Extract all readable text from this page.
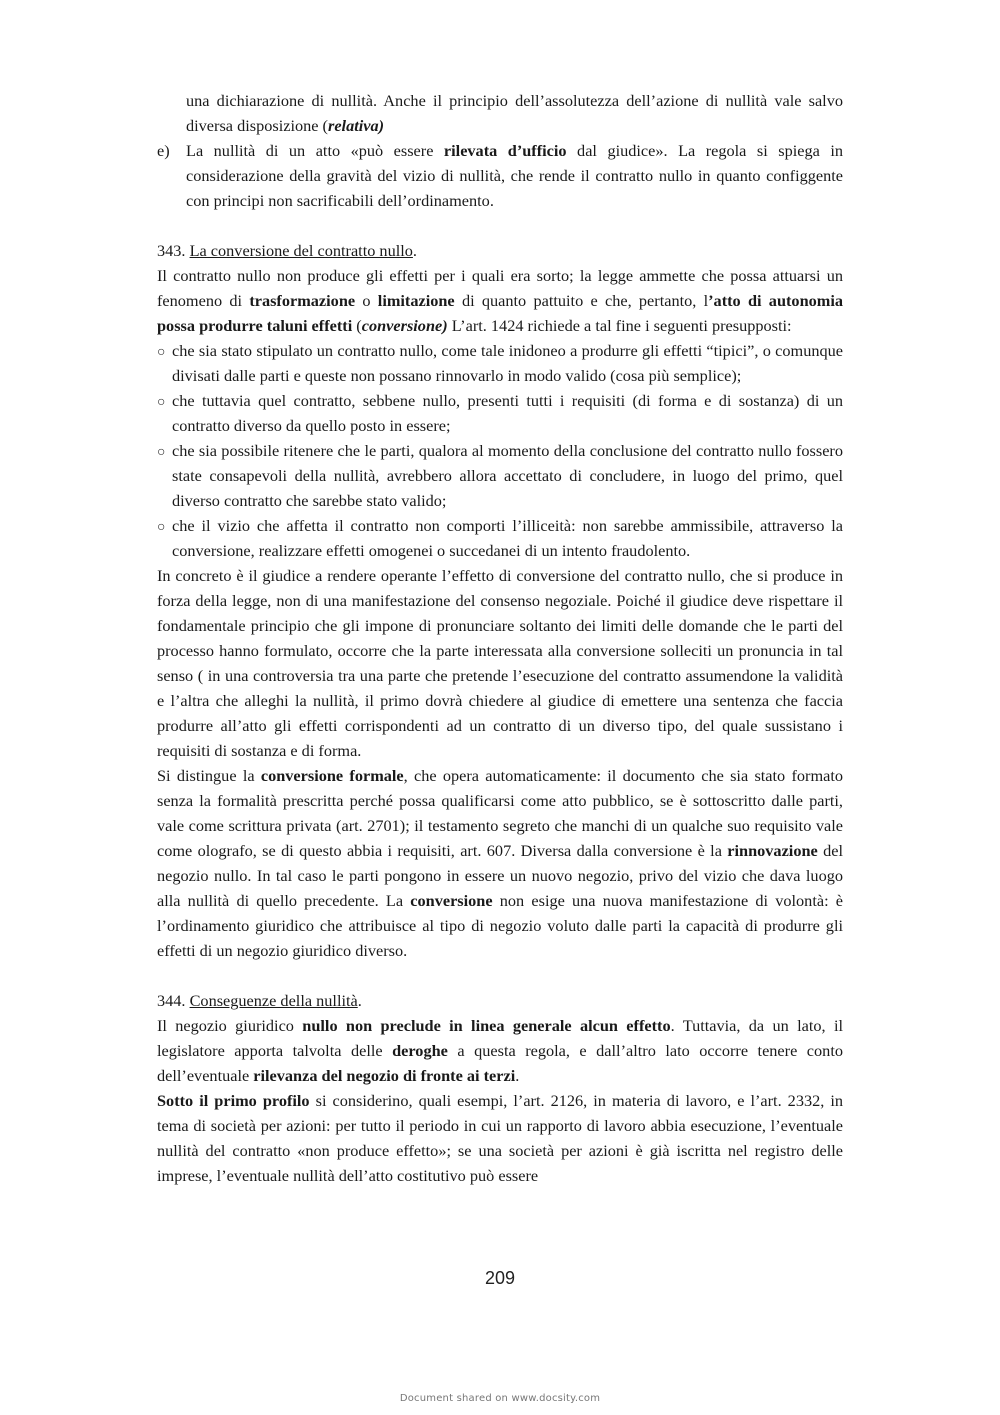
una dichiarazione di nullità. Anche il principio dell’assolutezza dell’azione di nullità vale salvo diversa disposizione (relativa)

e) La nullità di un atto «può essere rilevata d’ufficio dal giudice». La regola si spiega in considerazione della gravità del vizio di nullità, che rende il contratto nullo in quanto configgente con principi non sacrificabili dell’ordinamento.

343. La conversione del contratto nullo.

Il contratto nullo non produce gli effetti per i quali era sorto; la legge ammette che possa attuarsi un fenomeno di trasformazione o limitazione di quanto pattuito e che, pertanto, l’atto di autonomia possa produrre taluni effetti (conversione) L’art. 1424 richiede a tal fine i seguenti presupposti:

○ che sia stato stipulato un contratto nullo, come tale inidoneo a produrre gli effetti “tipici”, o comunque divisati dalle parti e queste non possano rinnovarlo in modo valido (cosa più semplice);
○ che tuttavia quel contratto, sebbene nullo, presenti tutti i requisiti (di forma e di sostanza) di un contratto diverso da quello posto in essere;
○ che sia possibile ritenere che le parti, qualora al momento della conclusione del contratto nullo fossero state consapevoli della nullità, avrebbero allora accettato di concludere, in luogo del primo, quel diverso contratto che sarebbe stato valido;
○ che il vizio che affetta il contratto non comporti l’illiceità: non sarebbe ammissibile, attraverso la conversione, realizzare effetti omogenei o succedanei di un intento fraudolento.

In concreto è il giudice a rendere operante l’effetto di conversione del contratto nullo, che si produce in forza della legge, non di una manifestazione del consenso negoziale. Poiché il giudice deve rispettare il fondamentale principio che gli impone di pronunciare soltanto dei limiti delle domande che le parti del processo hanno formulato, occorre che la parte interessata alla conversione solleciti un pronuncia in tal senso ( in una controversia tra una parte che pretende l’esecuzione del contratto assumendone la validità e l’altra che alleghi la nullità, il primo dovrà chiedere al giudice di emettere una sentenza che faccia produrre all’atto gli effetti corrispondenti ad un contratto di un diverso tipo, del quale sussistano i requisiti di sostanza e di forma.

Si distingue la conversione formale, che opera automaticamente: il documento che sia stato formato senza la formalità prescritta perché possa qualificarsi come atto pubblico, se è sottoscritto dalle parti, vale come scrittura privata (art. 2701); il testamento segreto che manchi di un qualche suo requisito vale come olografo, se di questo abbia i requisiti, art. 607. Diversa dalla conversione è la rinnovazione del negozio nullo. In tal caso le parti pongono in essere un nuovo negozio, privo del vizio che dava luogo alla nullità di quello precedente. La conversione non esige una nuova manifestazione di volontà: è l’ordinamento giuridico che attribuisce al tipo di negozio voluto dalle parti la capacità di produrre gli effetti di un negozio giuridico diverso.

344. Conseguenze della nullità.

Il negozio giuridico nullo non preclude in linea generale alcun effetto. Tuttavia, da un lato, il legislatore apporta talvolta delle deroghe a questa regola, e dall’altro lato occorre tenere conto dell’eventuale rilevanza del negozio di fronte ai terzi.

Sotto il primo profilo si considerino, quali esempi, l’art. 2126, in materia di lavoro, e l’art. 2332, in tema di società per azioni: per tutto il periodo in cui un rapporto di lavoro abbia esecuzione, l’eventuale nullità del contratto «non produce effetto»; se una società per azioni è già iscritta nel registro delle imprese, l’eventuale nullità dell’atto costitutivo può essere

209
Document shared on www.docsity.com
